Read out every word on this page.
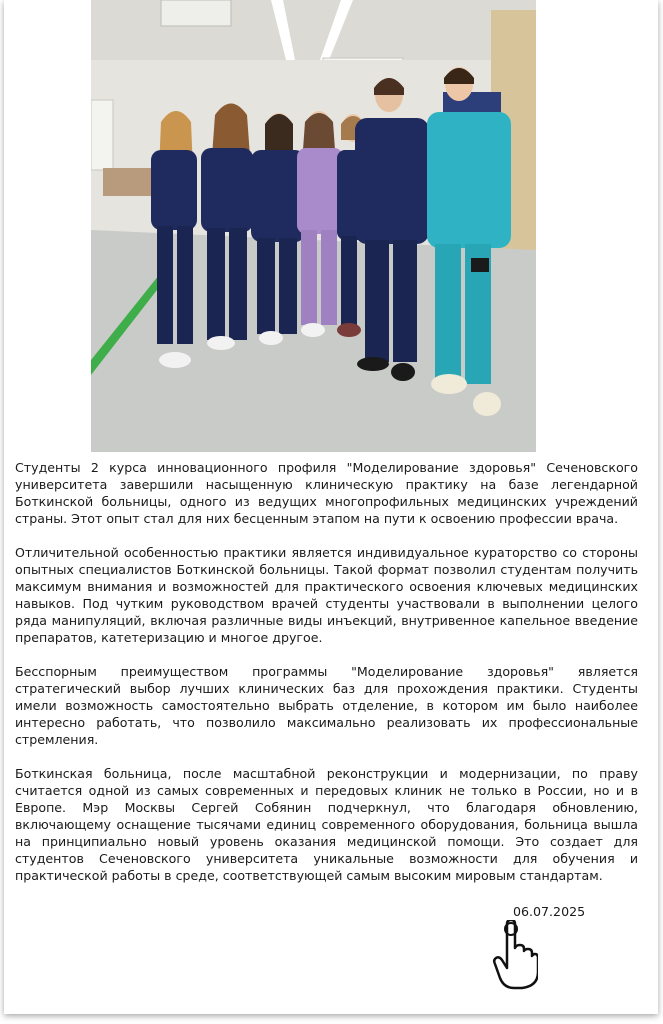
Студенты 2 курса инновационного профиля "Моделирование здоровья" Сеченовского университета завершили насыщенную клиническую практику на базе легендарной Боткинской больницы, одного из ведущих многопрофильных медицинских учреждений страны. Этот опыт стал для них бесценным этапом на пути к освоению профессии врача.

Отличительной особенностью практики является индивидуальное кураторство со стороны опытных специалистов Боткинской больницы. Такой формат позволил студентам получить максимум внимания и возможностей для практического освоения ключевых медицинских навыков. Под чутким руководством врачей студенты участвовали в выполнении целого ряда манипуляций, включая различные виды инъекций, внутривенное капельное введение препаратов, катетеризацию и многое другое.

Бесспорным преимуществом программы "Моделирование здоровья" является стратегический выбор лучших клинических баз для прохождения практики. Студенты имели возможность самостоятельно выбрать отделение, в котором им было наиболее интересно работать, что позволило максимально реализовать их профессиональные стремления.

Боткинская больница, после масштабной реконструкции и модернизации, по праву считается одной из самых современных и передовых клиник не только в России, но и в Европе. Мэр Москвы Сергей Собянин подчеркнул, что благодаря обновлению, включающему оснащение тысячами единиц современного оборудования, больница вышла на принципиально новый уровень оказания медицинской помощи. Это создает для студентов Сеченовского университета уникальные возможности для обучения и практической работы в среде, соответствующей самым высоким мировым стандартам.

06.07.2025
